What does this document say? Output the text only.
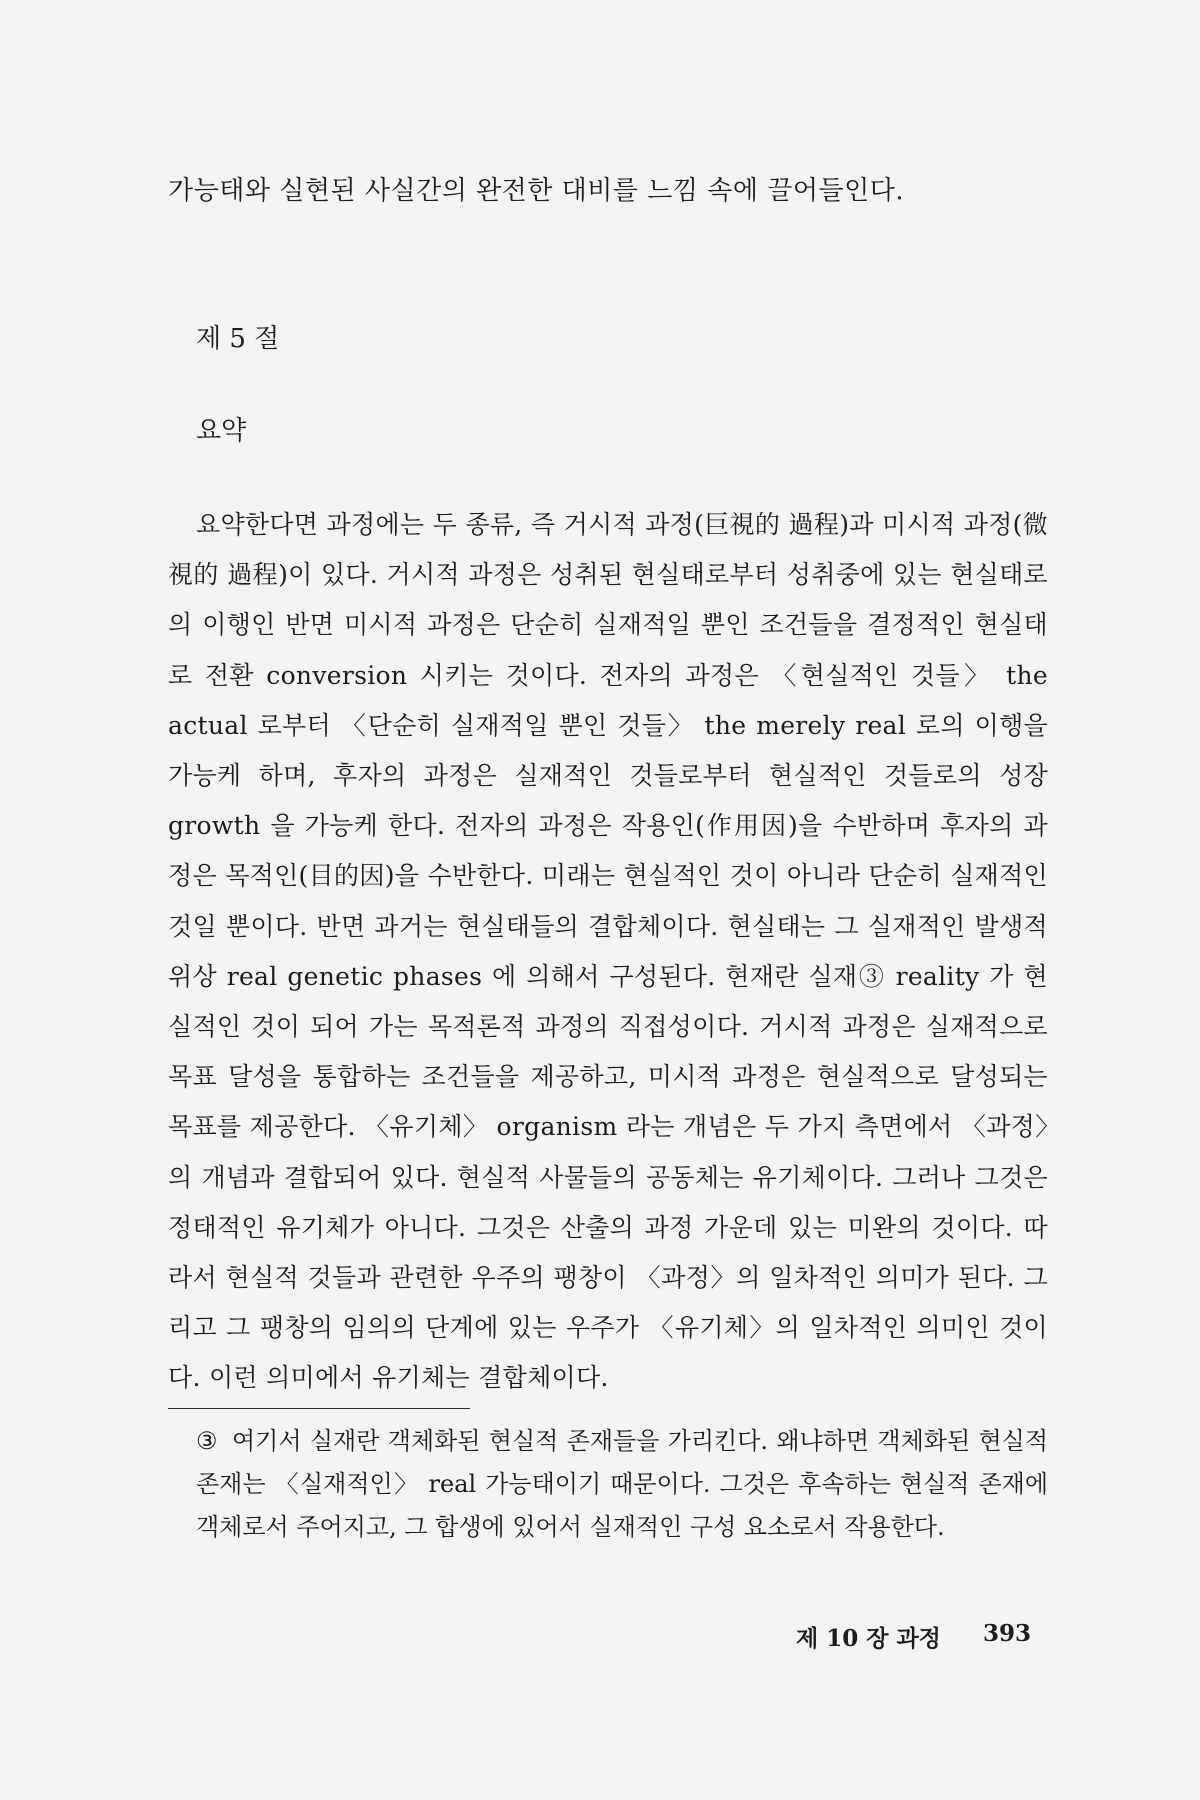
가능태와 실현된 사실간의 완전한 대비를 느낌 속에 끌어들인다.
제 5 절
요약

요약한다면 과정에는 두 종류, 즉 거시적 과정(巨視的 過程)과 미시적 과정(微視的 過程)이 있다. 거시적 과정은 성취된 현실태로부터 성취중에 있는 현실태로의 이행인 반면 미시적 과정은 단순히 실재적일 뿐인 조건들을 결정적인 현실태로 전환 conversion 시키는 것이다. 전자의 과정은 〈현실적인 것들〉 the actual 로부터 〈단순히 실재적일 뿐인 것들〉 the merely real 로의 이행을 가능케 하며, 후자의 과정은 실재적인 것들로부터 현실적인 것들로의 성장 growth 을 가능케 한다. 전자의 과정은 작용인(作用因)을 수반하며 후자의 과정은 목적인(目的因)을 수반한다. 미래는 현실적인 것이 아니라 단순히 실재적인 것일 뿐이다. 반면 과거는 현실태들의 결합체이다. 현실태는 그 실재적인 발생적 위상 real genetic phases 에 의해서 구성된다. 현재란 실재③ reality 가 현실적인 것이 되어 가는 목적론적 과정의 직접성이다. 거시적 과정은 실재적으로 목표 달성을 통합하는 조건들을 제공하고, 미시적 과정은 현실적으로 달성되는 목표를 제공한다. 〈유기체〉 organism 라는 개념은 두 가지 측면에서 〈과정〉의 개념과 결합되어 있다. 현실적 사물들의 공동체는 유기체이다. 그러나 그것은 정태적인 유기체가 아니다. 그것은 산출의 과정 가운데 있는 미완의 것이다. 따라서 현실적 것들과 관련한 우주의 팽창이 〈과정〉의 일차적인 의미가 된다. 그리고 그 팽창의 임의의 단계에 있는 우주가 〈유기체〉의 일차적인 의미인 것이다. 이런 의미에서 유기체는 결합체이다.

③ 여기서 실재란 객체화된 현실적 존재들을 가리킨다. 왜냐하면 객체화된 현실적 존재는 〈실재적인〉 real 가능태이기 때문이다. 그것은 후속하는 현실적 존재에 객체로서 주어지고, 그 합생에 있어서 실재적인 구성 요소로서 작용한다.
제 10 장 과정 393
